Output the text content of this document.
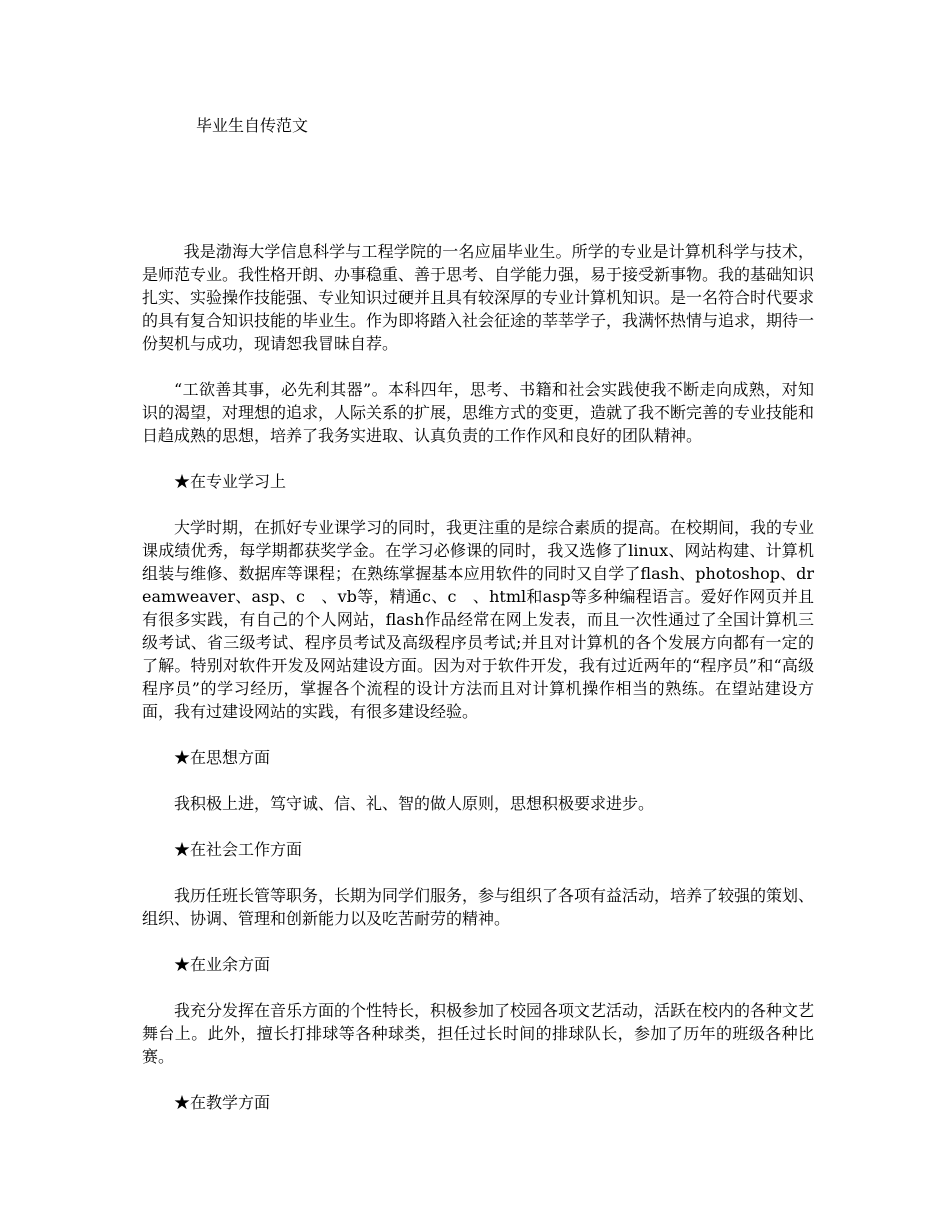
毕业生自传范文

我是渤海大学信息科学与工程学院的一名应届毕业生。所学的专业是计算机科学与技术，是师范专业。我性格开朗、办事稳重、善于思考、自学能力强，易于接受新事物。我的基础知识扎实、实验操作技能强、专业知识过硬并且具有较深厚的专业计算机知识。是一名符合时代要求的具有复合知识技能的毕业生。作为即将踏入社会征途的莘莘学子，我满怀热情与追求，期待一份契机与成功，现请恕我冒昧自荐。

“工欲善其事，必先利其器”。本科四年，思考、书籍和社会实践使我不断走向成熟，对知识的渴望，对理想的追求，人际关系的扩展，思维方式的变更，造就了我不断完善的专业技能和日趋成熟的思想，培养了我务实进取、认真负责的工作作风和良好的团队精神。

★在专业学习上

大学时期，在抓好专业课学习的同时，我更注重的是综合素质的提高。在校期间，我的专业课成绩优秀，每学期都获奖学金。在学习必修课的同时，我又选修了linux、网站构建、计算机组装与维修、数据库等课程；在熟练掌握基本应用软件的同时又自学了flash、photoshop、dreamweaver、asp、c　、vb等，精通c、c　、html和asp等多种编程语言。爱好作网页并且有很多实践，有自己的个人网站，flash作品经常在网上发表，而且一次性通过了全国计算机三级考试、省三级考试、程序员考试及高级程序员考试;并且对计算机的各个发展方向都有一定的了解。特别对软件开发及网站建设方面。因为对于软件开发，我有过近两年的“程序员”和“高级程序员”的学习经历，掌握各个流程的设计方法而且对计算机操作相当的熟练。在望站建设方面，我有过建设网站的实践，有很多建设经验。

★在思想方面

我积极上进，笃守诚、信、礼、智的做人原则，思想积极要求进步。

★在社会工作方面

我历任班长管等职务，长期为同学们服务，参与组织了各项有益活动，培养了较强的策划、组织、协调、管理和创新能力以及吃苦耐劳的精神。

★在业余方面

我充分发挥在音乐方面的个性特长，积极参加了校园各项文艺活动，活跃在校内的各种文艺舞台上。此外，擅长打排球等各种球类，担任过长时间的排球队长，参加了历年的班级各种比赛。

★在教学方面
